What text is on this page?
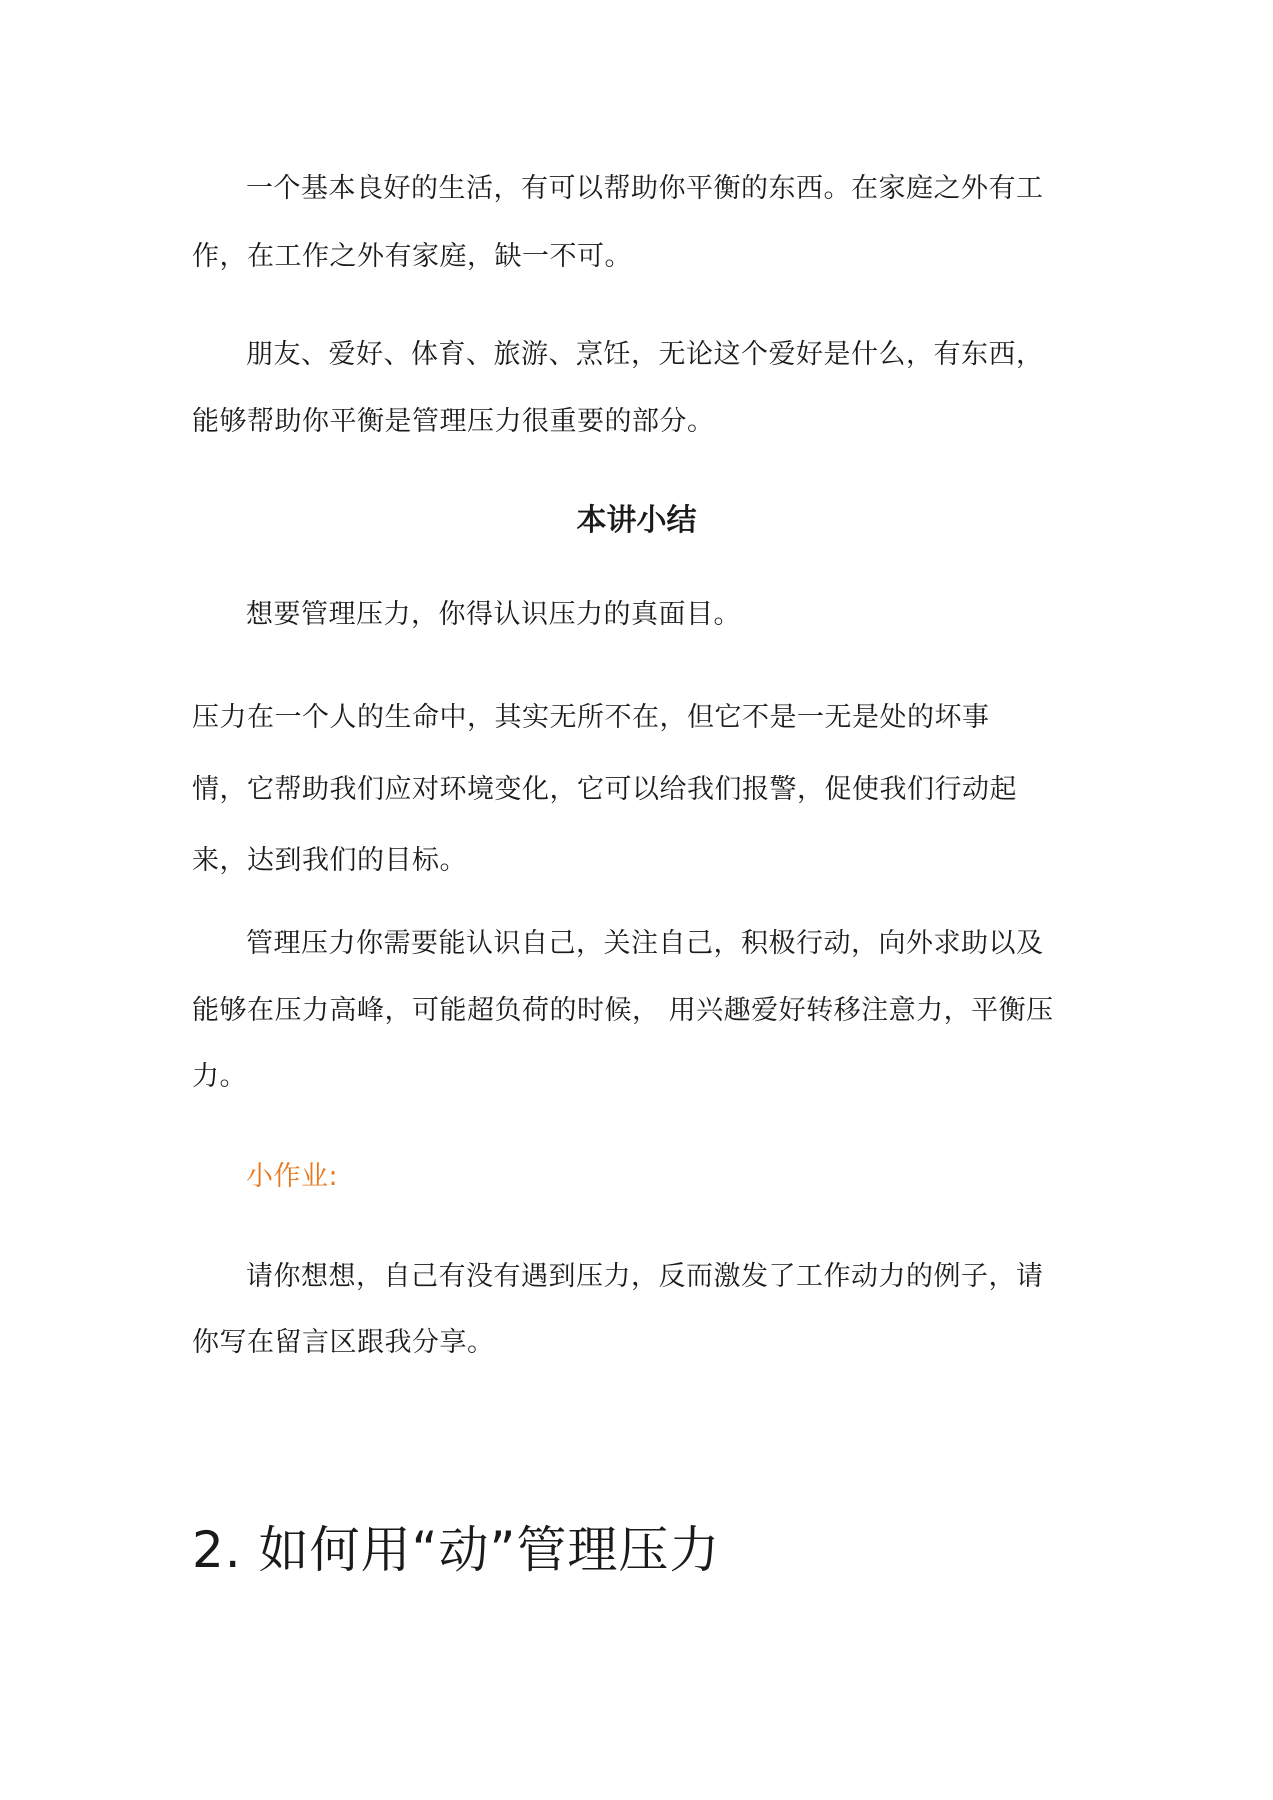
一个基本良好的生活，有可以帮助你平衡的东西。在家庭之外有工
作，在工作之外有家庭，缺一不可。
朋友、爱好、体育、旅游、烹饪，无论这个爱好是什么，有东西，
能够帮助你平衡是管理压力很重要的部分。
本讲小结
想要管理压力，你得认识压力的真面目。
压力在一个人的生命中，其实无所不在，但它不是一无是处的坏事
情，它帮助我们应对环境变化，它可以给我们报警，促使我们行动起
来，达到我们的目标。
管理压力你需要能认识自己，关注自己，积极行动，向外求助以及
能够在压力高峰，可能超负荷的时候， 用兴趣爱好转移注意力，平衡压
力。
小作业:
请你想想，自己有没有遇到压力，反而激发了工作动力的例子，请
你写在留言区跟我分享。
2. 如何用“动”管理压力
